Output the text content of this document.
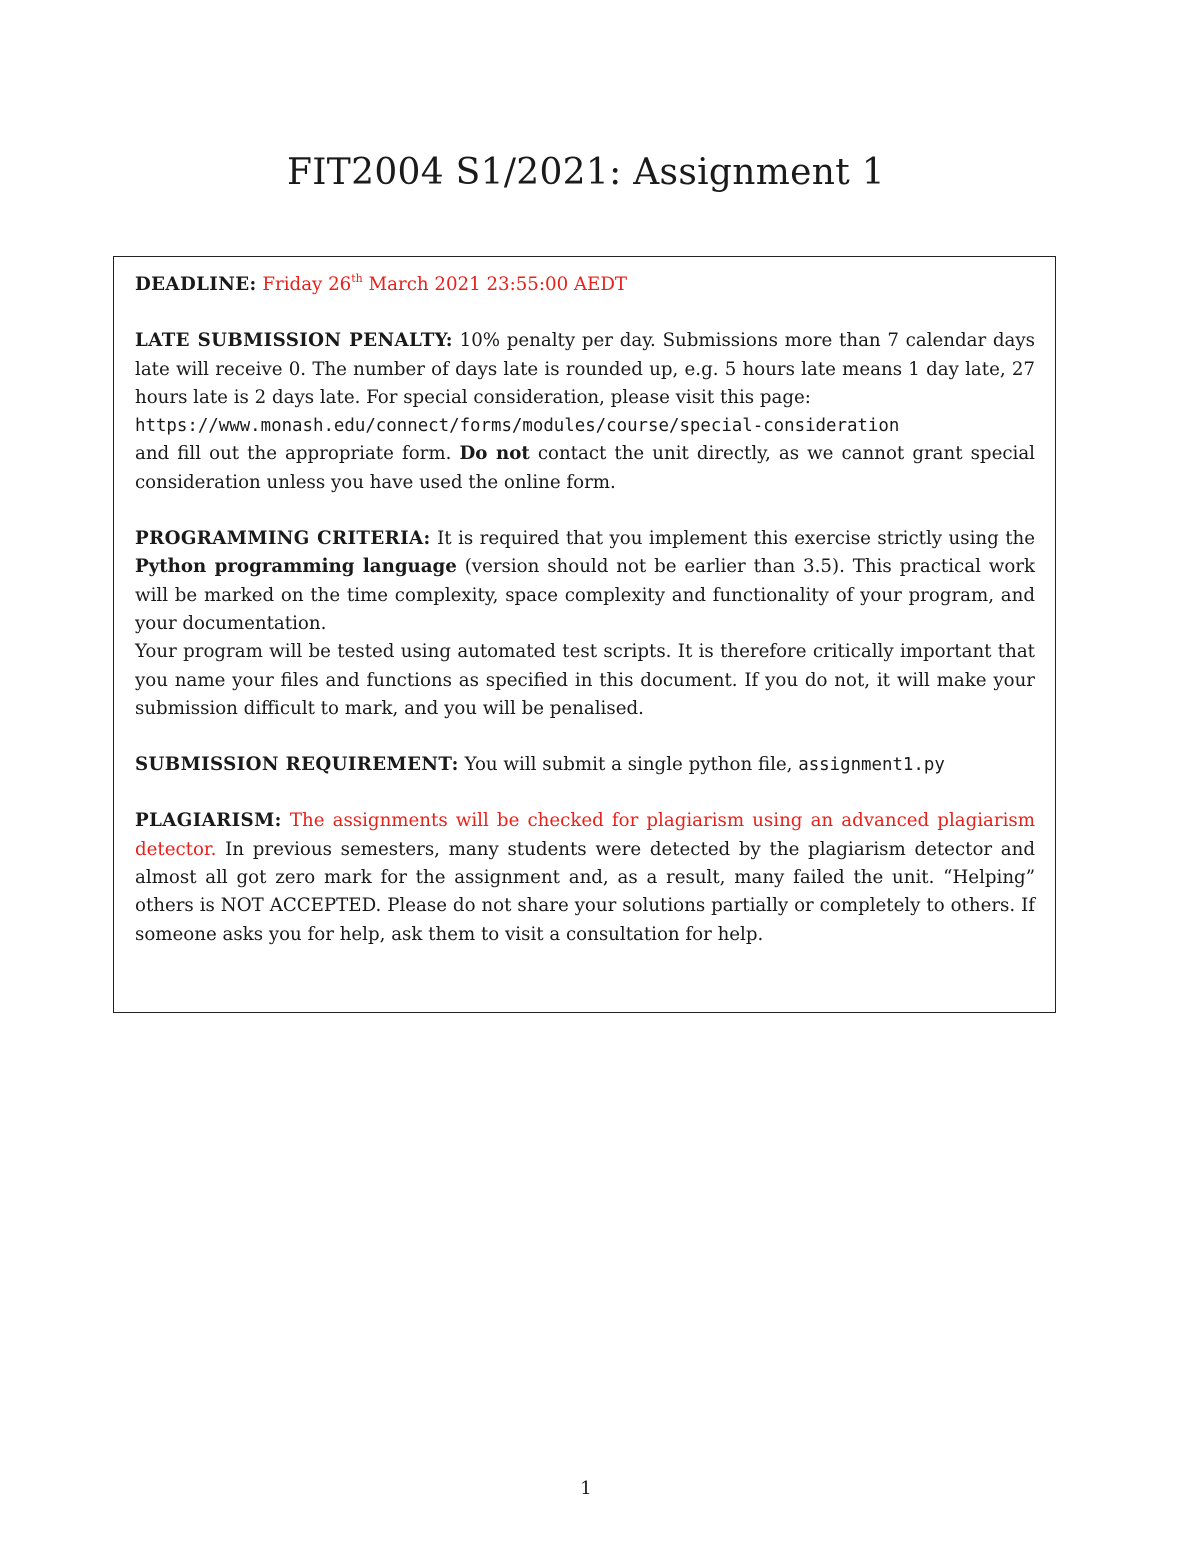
FIT2004 S1/2021: Assignment 1

DEADLINE: Friday 26th March 2021 23:55:00 AEDT

LATE SUBMISSION PENALTY: 10% penalty per day. Submissions more than 7 calendar days late will receive 0. The number of days late is rounded up, e.g. 5 hours late means 1 day late, 27 hours late is 2 days late. For special consideration, please visit this page:
https://www.monash.edu/connect/forms/modules/course/special-consideration
and fill out the appropriate form. Do not contact the unit directly, as we cannot grant special consideration unless you have used the online form.

PROGRAMMING CRITERIA: It is required that you implement this exercise strictly using the Python programming language (version should not be earlier than 3.5). This practical work will be marked on the time complexity, space complexity and functionality of your program, and your documentation.

Your program will be tested using automated test scripts. It is therefore critically important that you name your files and functions as specified in this document. If you do not, it will make your submission difficult to mark, and you will be penalised.

SUBMISSION REQUIREMENT: You will submit a single python file, assignment1.py

PLAGIARISM: The assignments will be checked for plagiarism using an advanced plagiarism detector. In previous semesters, many students were detected by the plagiarism detector and almost all got zero mark for the assignment and, as a result, many failed the unit. “Helping” others is NOT ACCEPTED. Please do not share your solutions partially or completely to others. If someone asks you for help, ask them to visit a consultation for help.

1
